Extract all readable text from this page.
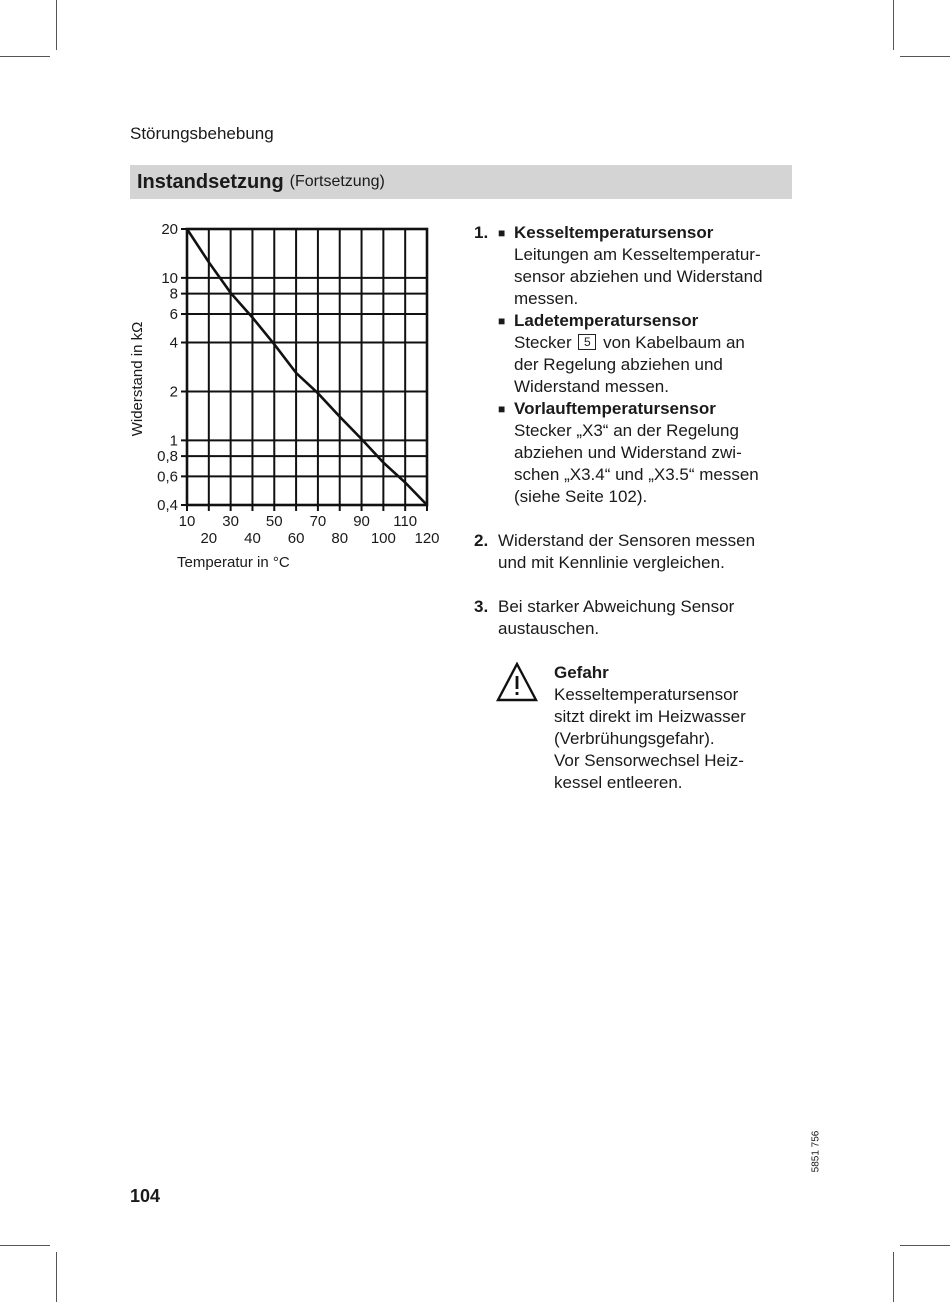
Störungsbehebung
Instandsetzung (Fortsetzung)
20
10
8
6
4
2
1
0,8
0,6
0,4
10 30 50 70 90 110
20 40 60 80 100 120
Widerstand in kΩ
Temperatur in °C
1. ■ Kesseltemperatursensor
Leitungen am Kesseltemperatur-
sensor abziehen und Widerstand
messen.
■ Ladetemperatursensor
Stecker 5 von Kabelbaum an
der Regelung abziehen und
Widerstand messen.
■ Vorlauftemperatursensor
Stecker „X3“ an der Regelung
abziehen und Widerstand zwi-
schen „X3.4“ und „X3.5“ messen
(siehe Seite 102).
2. Widerstand der Sensoren messen
und mit Kennlinie vergleichen.
3. Bei starker Abweichung Sensor
austauschen.
Gefahr
Kesseltemperatursensor
sitzt direkt im Heizwasser
(Verbrühungsgefahr).
Vor Sensorwechsel Heiz-
kessel entleeren.
5851 756
104
